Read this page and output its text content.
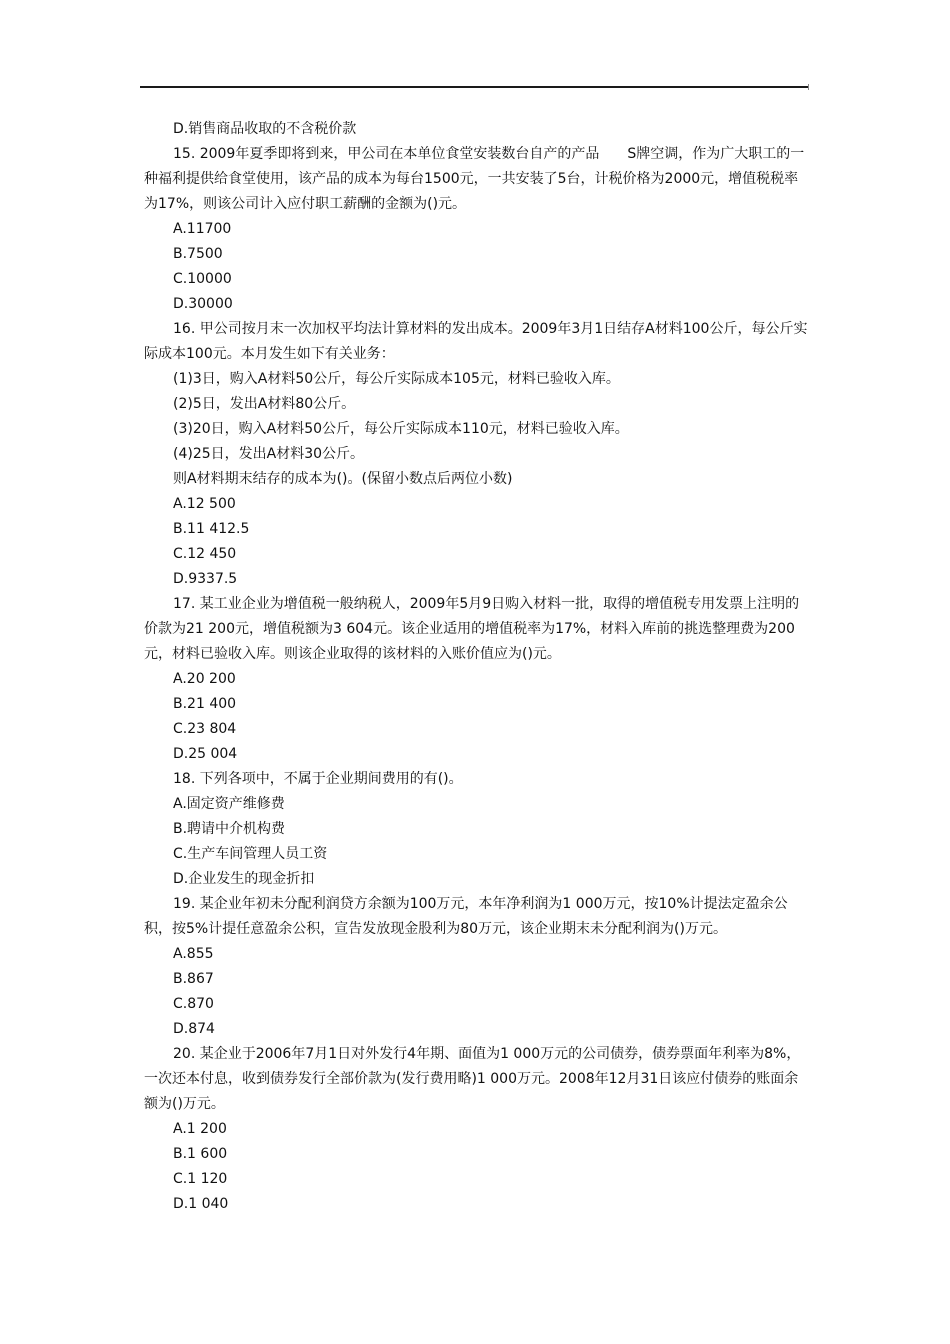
D.销售商品收取的不含税价款

15. 2009年夏季即将到来，甲公司在本单位食堂安装数台自产的产品　　S牌空调，作为广大职工的一种福利提供给食堂使用，该产品的成本为每台1500元，一共安装了5台，计税价格为2000元，增值税税率为17%，则该公司计入应付职工薪酬的金额为()元。

A.11700

B.7500

C.10000

D.30000

16. 甲公司按月末一次加权平均法计算材料的发出成本。2009年3月1日结存A材料100公斤，每公斤实际成本100元。本月发生如下有关业务：

(1)3日，购入A材料50公斤，每公斤实际成本105元，材料已验收入库。

(2)5日，发出A材料80公斤。

(3)20日，购入A材料50公斤，每公斤实际成本110元，材料已验收入库。

(4)25日，发出A材料30公斤。

则A材料期末结存的成本为()。(保留小数点后两位小数)

A.12 500

B.11 412.5

C.12 450

D.9337.5

17. 某工业企业为增值税一般纳税人，2009年5月9日购入材料一批，取得的增值税专用发票上注明的价款为21 200元，增值税额为3 604元。该企业适用的增值税率为17%，材料入库前的挑选整理费为200元，材料已验收入库。则该企业取得的该材料的入账价值应为()元。

A.20 200

B.21 400

C.23 804

D.25 004

18. 下列各项中，不属于企业期间费用的有()。

A.固定资产维修费

B.聘请中介机构费

C.生产车间管理人员工资

D.企业发生的现金折扣

19. 某企业年初未分配利润贷方余额为100万元，本年净利润为1 000万元，按10%计提法定盈余公积，按5%计提任意盈余公积，宣告发放现金股利为80万元，该企业期末未分配利润为()万元。

A.855

B.867

C.870

D.874

20. 某企业于2006年7月1日对外发行4年期、面值为1 000万元的公司债券，债券票面年利率为8%，一次还本付息，收到债券发行全部价款为(发行费用略)1 000万元。2008年12月31日该应付债券的账面余额为()万元。

A.1 200

B.1 600

C.1 120

D.1 040
